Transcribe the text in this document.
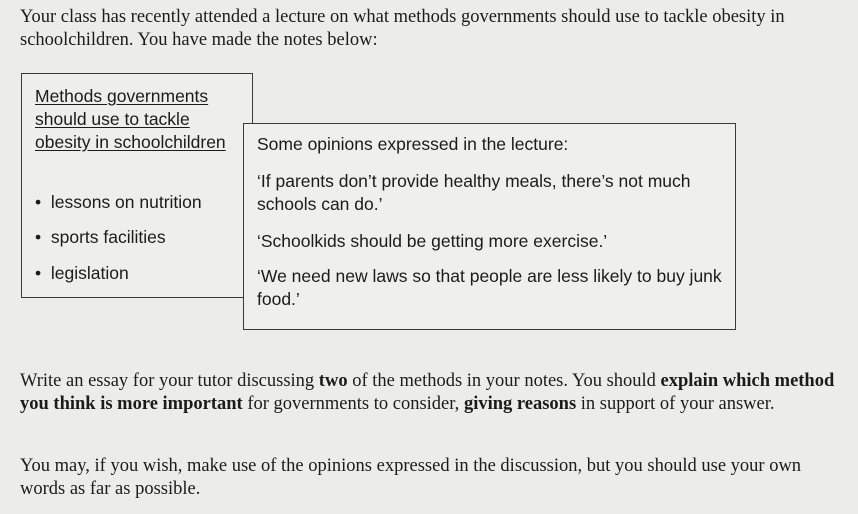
Your class has recently attended a lecture on what methods governments should use to tackle obesity in schoolchildren. You have made the notes below:

Methods governments should use to tackle obesity in schoolchildren

•  lessons on nutrition

•  sports facilities

•  legislation

Some opinions expressed in the lecture:

‘If parents don’t provide healthy meals, there’s not much schools can do.’

‘Schoolkids should be getting more exercise.’

‘We need new laws so that people are less likely to buy junk food.’

Write an essay for your tutor discussing two of the methods in your notes. You should explain which method you think is more important for governments to consider, giving reasons in support of your answer.

You may, if you wish, make use of the opinions expressed in the discussion, but you should use your own words as far as possible.
